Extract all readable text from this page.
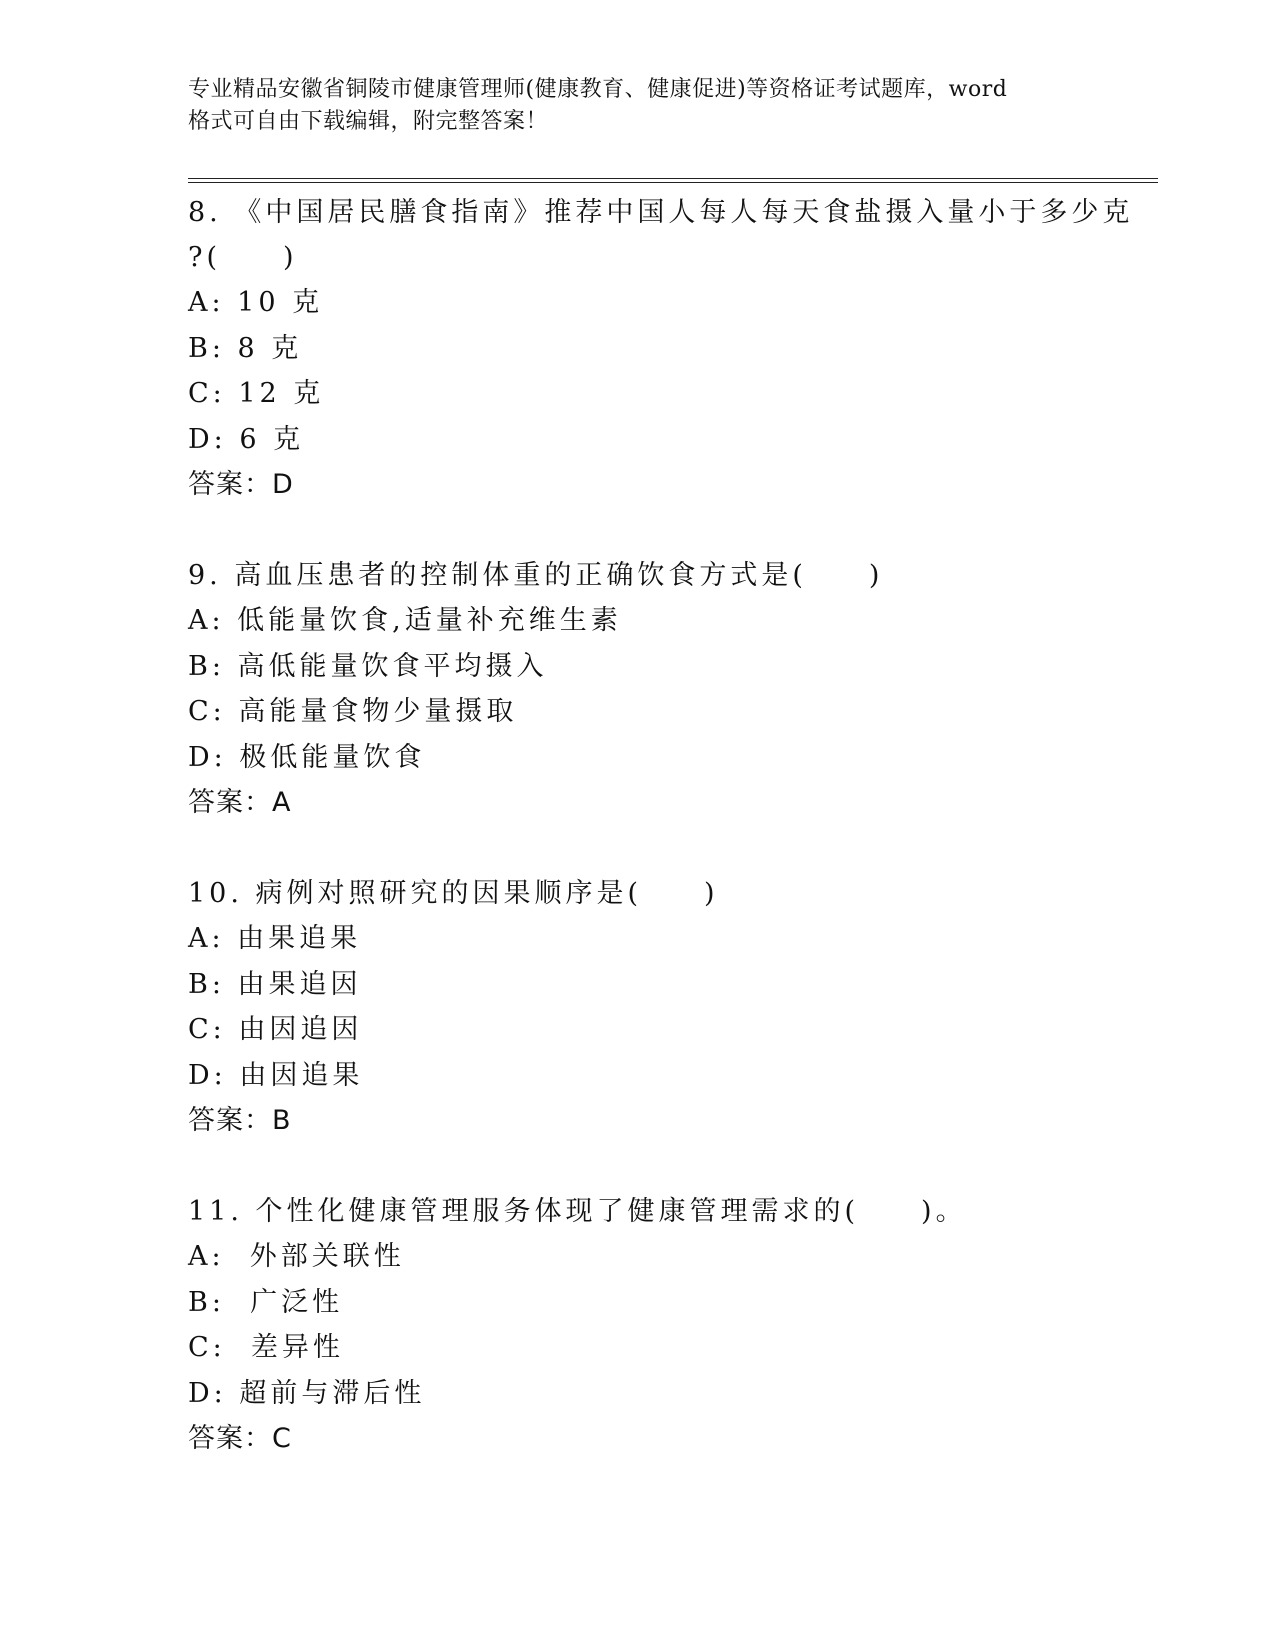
专业精品安徽省铜陵市健康管理师(健康教育、健康促进)等资格证考试题库，word
格式可自由下载编辑，附完整答案！

8. 《中国居民膳食指南》推荐中国人每人每天食盐摄入量小于多少克
?(　　)

A: 10 克

B: 8 克

C: 12 克

D: 6 克

答案：D

9. 高血压患者的控制体重的正确饮食方式是(　　)

A: 低能量饮食,适量补充维生素

B: 高低能量饮食平均摄入

C: 高能量食物少量摄取

D: 极低能量饮食

答案：A

10. 病例对照研究的因果顺序是(　　)

A: 由果追果

B: 由果追因

C: 由因追因

D: 由因追果

答案：B

11. 个性化健康管理服务体现了健康管理需求的(　　)。

A:  外部关联性

B:  广泛性

C:  差异性

D: 超前与滞后性

答案：C
